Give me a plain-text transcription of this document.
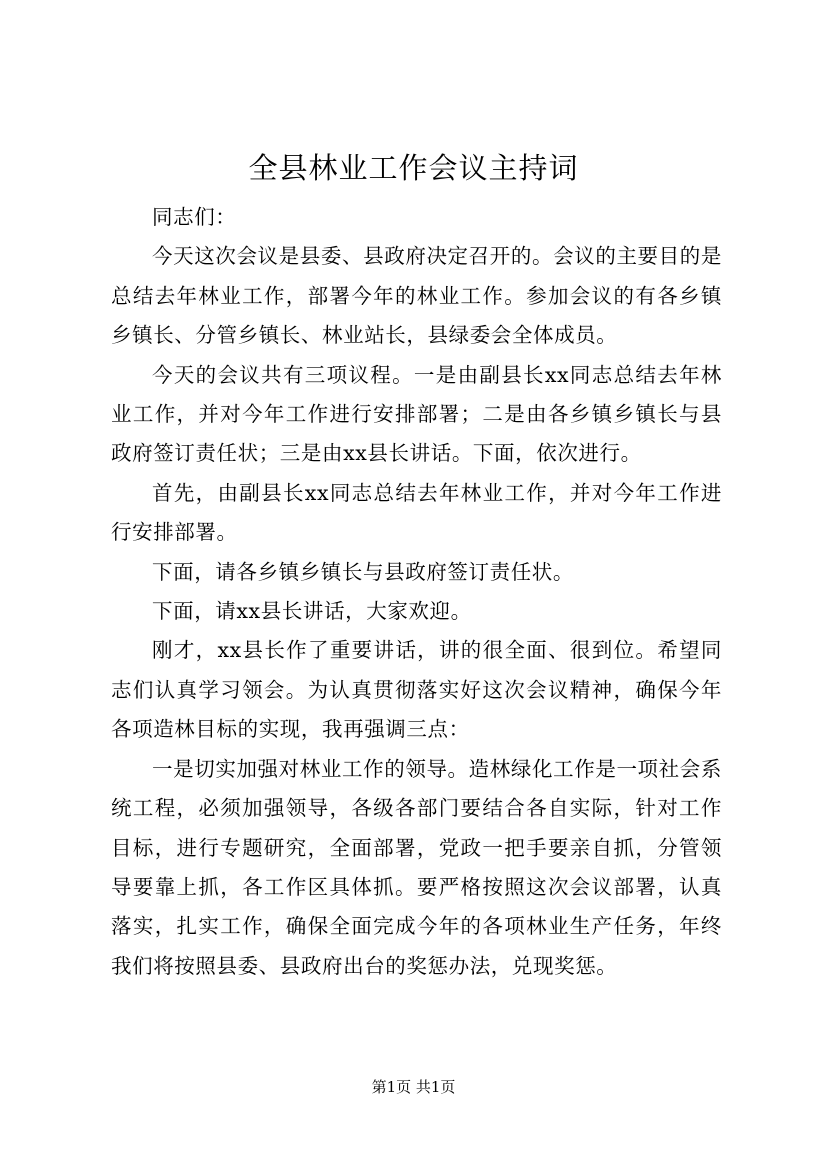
全县林业工作会议主持词

同志们：

今天这次会议是县委、县政府决定召开的。会议的主要目的是总结去年林业工作，部署今年的林业工作。参加会议的有各乡镇乡镇长、分管乡镇长、林业站长，县绿委会全体成员。

今天的会议共有三项议程。一是由副县长xx同志总结去年林业工作，并对今年工作进行安排部署；二是由各乡镇乡镇长与县政府签订责任状；三是由xx县长讲话。下面，依次进行。

首先，由副县长xx同志总结去年林业工作，并对今年工作进行安排部署。

下面，请各乡镇乡镇长与县政府签订责任状。

下面，请xx县长讲话，大家欢迎。

刚才，xx县长作了重要讲话，讲的很全面、很到位。希望同志们认真学习领会。为认真贯彻落实好这次会议精神，确保今年各项造林目标的实现，我再强调三点：

一是切实加强对林业工作的领导。造林绿化工作是一项社会系统工程，必须加强领导，各级各部门要结合各自实际，针对工作目标，进行专题研究，全面部署，党政一把手要亲自抓，分管领导要靠上抓，各工作区具体抓。要严格按照这次会议部署，认真落实，扎实工作，确保全面完成今年的各项林业生产任务，年终我们将按照县委、县政府出台的奖惩办法，兑现奖惩。

第1页 共1页
